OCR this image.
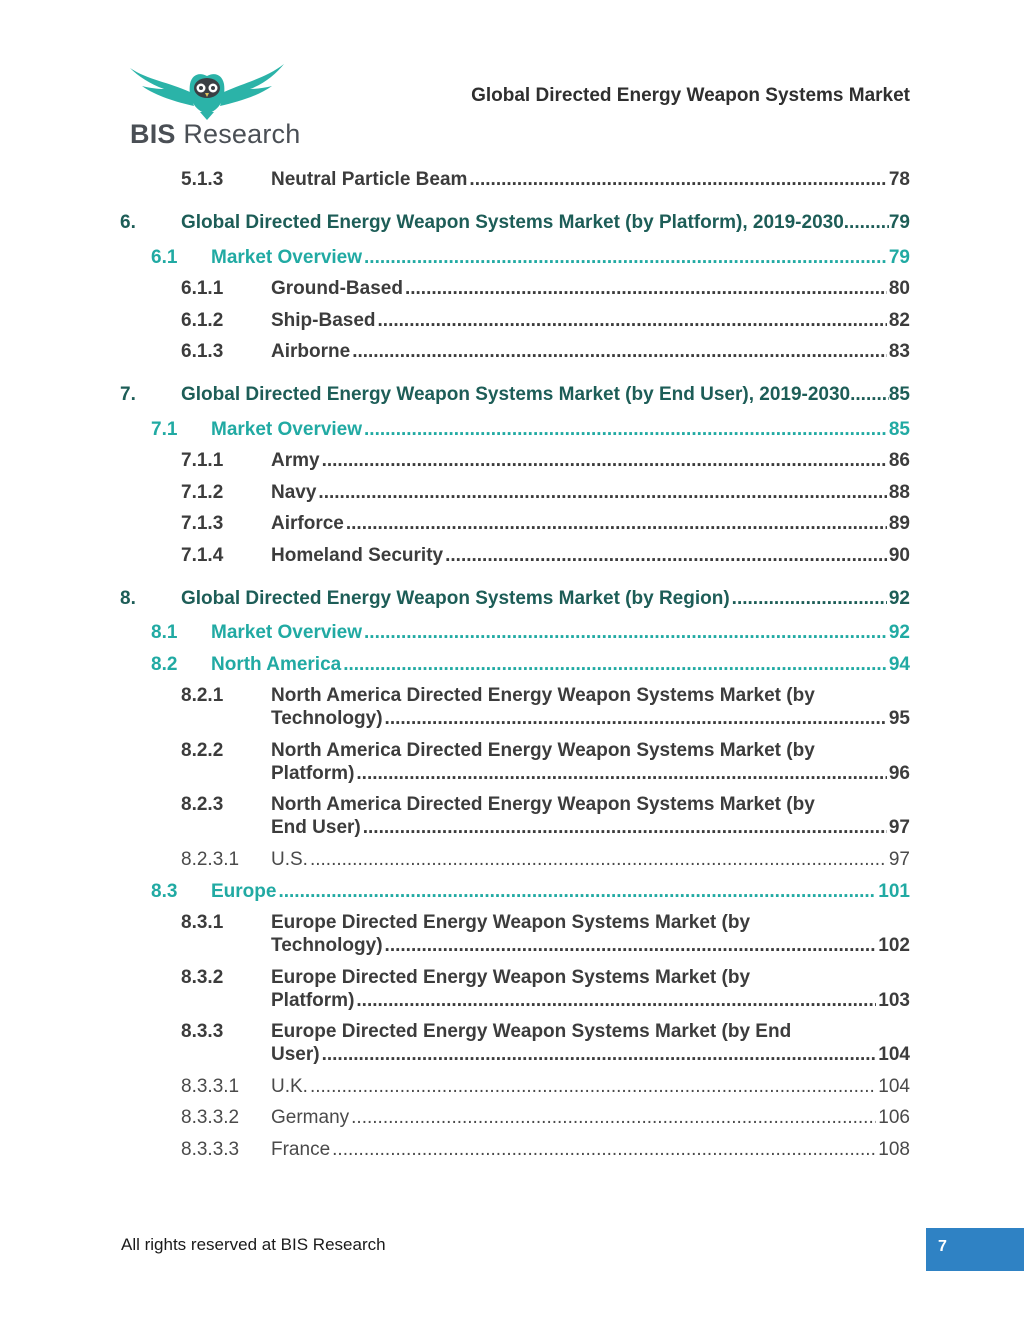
BIS Research
Global Directed Energy Weapon Systems Market
5.1.3	Neutral Particle Beam .....	78
6. Global Directed Energy Weapon Systems Market (by Platform), 2019-2030 ..... 79
6.1 Market Overview .....	79
6.1.1	Ground-Based .....	80
6.1.2	Ship-Based .....	82
6.1.3	Airborne .....	83
7. Global Directed Energy Weapon Systems Market (by End User), 2019-2030 ..... 85
7.1 Market Overview .....	85
7.1.1	Army .....	86
7.1.2	Navy .....	88
7.1.3	Airforce .....	89
7.1.4	Homeland Security .....	90
8. Global Directed Energy Weapon Systems Market (by Region) .....	92
8.1 Market Overview .....	92
8.2 North America .....	94
8.2.1	North America Directed Energy Weapon Systems Market (by
Technology) .....	95
8.2.2	North America Directed Energy Weapon Systems Market (by
Platform) .....	96
8.2.3	North America Directed Energy Weapon Systems Market (by
End User) .....	97
8.2.3.1 U.S. .....	97
8.3 Europe .....	101
8.3.1	Europe Directed Energy Weapon Systems Market (by
Technology) .....	102
8.3.2	Europe Directed Energy Weapon Systems Market (by
Platform) .....	103
8.3.3	Europe Directed Energy Weapon Systems Market (by End
User) .....	104
8.3.3.1 U.K. .....	104
8.3.3.2 Germany .....	106
8.3.3.3 France .....	108
All rights reserved at BIS Research	7
